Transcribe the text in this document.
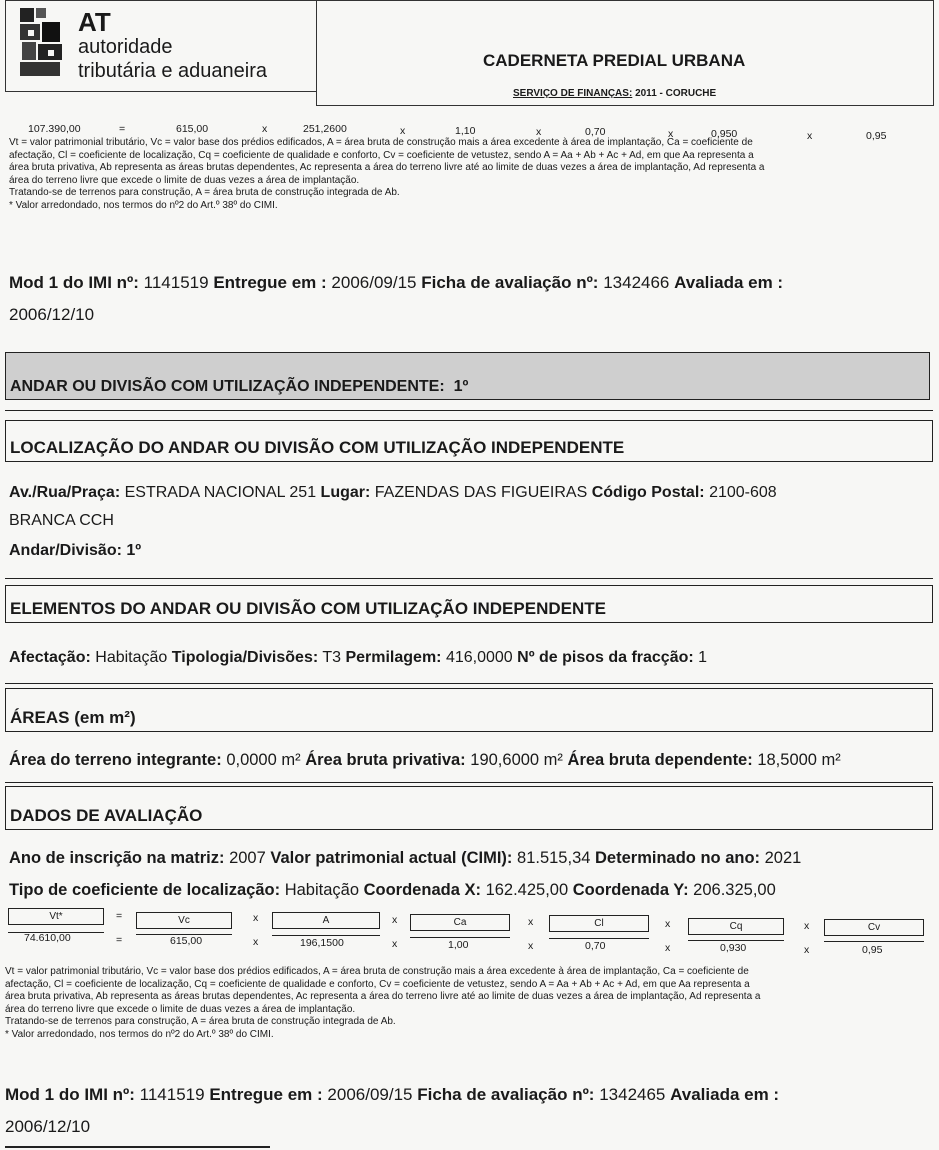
AT
autoridade
tributária e aduaneira	CADERNETA PREDIAL URBANA
SERVIÇO DE FINANÇAS: 2011 - CORUCHE
107.390,00	=	615,00	x	251,2600	x	1,10	x	0,70	x	0,950	x	0,95
Vt = valor patrimonial tributário, Vc = valor base dos prédios edificados, A = área bruta de construção mais a área excedente à área de implantação, Ca = coeficiente de
afectação, Cl = coeficiente de localização, Cq = coeficiente de qualidade e conforto, Cv = coeficiente de vetustez, sendo A = Aa + Ab + Ac + Ad, em que Aa representa a
área bruta privativa, Ab representa as áreas brutas dependentes, Ac representa a área do terreno livre até ao limite de duas vezes a área de implantação, Ad representa a
área do terreno livre que excede o limite de duas vezes a área de implantação.
Tratando-se de terrenos para construção, A = área bruta de construção integrada de Ab.
* Valor arredondado, nos termos do nº2 do Art.º 38º do CIMI.
Mod 1 do IMI nº: 1141519 Entregue em : 2006/09/15 Ficha de avaliação nº: 1342466 Avaliada em :
2006/12/10
ANDAR OU DIVISÃO COM UTILIZAÇÃO INDEPENDENTE:
1º
LOCALIZAÇÃO DO ANDAR OU DIVISÃO COM UTILIZAÇÃO INDEPENDENTE
Av./Rua/Praça: ESTRADA NACIONAL 251 Lugar: FAZENDAS DAS FIGUEIRAS Código Postal: 2100-608
BRANCA CCH
Andar/Divisão: 1º
ELEMENTOS DO ANDAR OU DIVISÃO COM UTILIZAÇÃO INDEPENDENTE
Afectação: Habitação Tipologia/Divisões: T3 Permilagem: 416,0000 Nº de pisos da fracção: 1
ÁREAS (em m²)
Área do terreno integrante: 0,0000 m² Área bruta privativa: 190,6000 m² Área bruta dependente: 18,5000 m²
DADOS DE AVALIAÇÃO
Ano de inscrição na matriz: 2007 Valor patrimonial actual (CIMI): 81.515,34 Determinado no ano: 2021
Tipo de coeficiente de localização: Habitação Coordenada X: 162.425,00 Coordenada Y: 206.325,00
Vt*	Vc	A	Ca	Cl	Cq	Cv
=	x	x	x	x	x
74.610,00	=	615,00	x	196,1500	x	1,00	x	0,70	x	0,930	x	0,95
Vt = valor patrimonial tributário, Vc = valor base dos prédios edificados, A = área bruta de construção mais a área excedente à área de implantação, Ca = coeficiente de
afectação, Cl = coeficiente de localização, Cq = coeficiente de qualidade e conforto, Cv = coeficiente de vetustez, sendo A = Aa + Ab + Ac + Ad, em que Aa representa a
área bruta privativa, Ab representa as áreas brutas dependentes, Ac representa a área do terreno livre até ao limite de duas vezes a área de implantação, Ad representa a
área do terreno livre que excede o limite de duas vezes a área de implantação.
Tratando-se de terrenos para construção, A = área bruta de construção integrada de Ab.
* Valor arredondado, nos termos do nº2 do Art.º 38º do CIMI.
Mod 1 do IMI nº: 1141519 Entregue em : 2006/09/15 Ficha de avaliação nº: 1342465 Avaliada em :
2006/12/10
